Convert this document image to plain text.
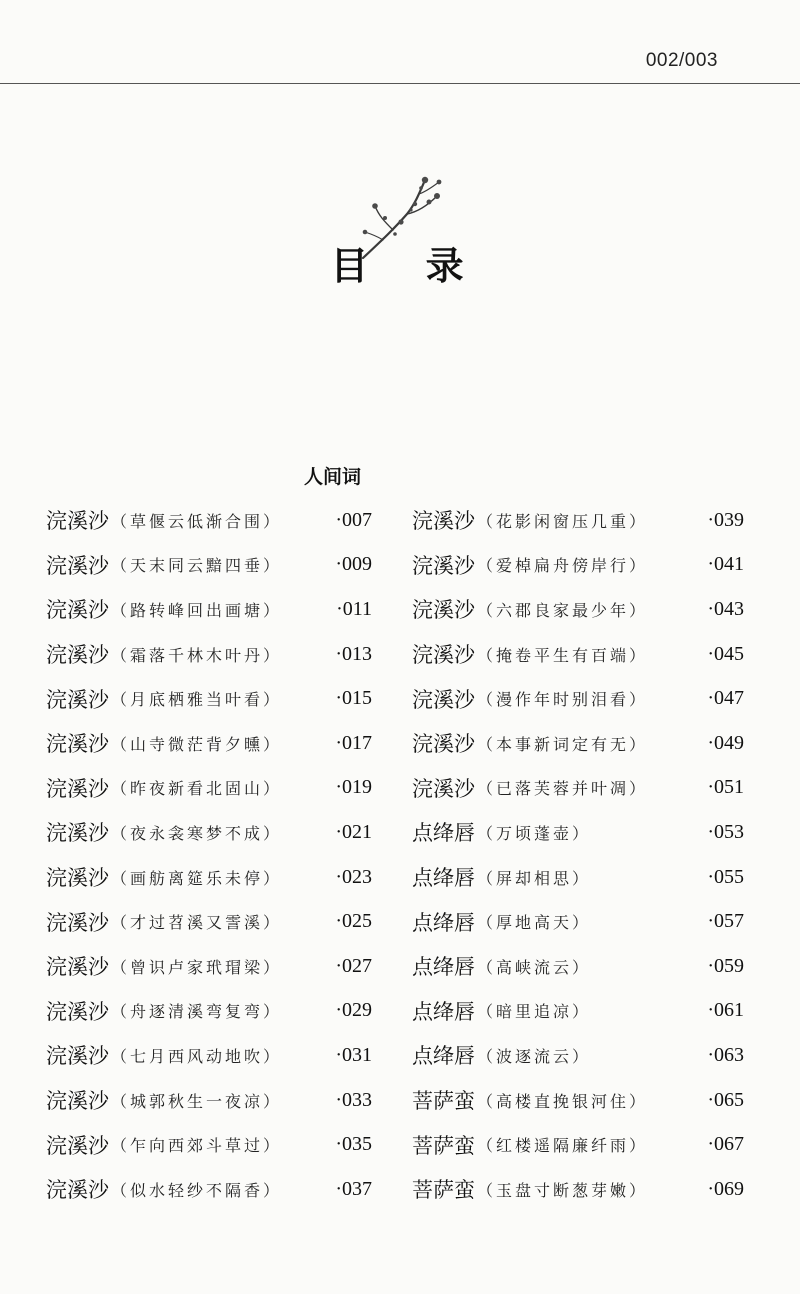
002/003
目 录
人间词
浣溪沙 （草偃云低渐合围）	·007
浣溪沙 （天末同云黯四垂）	·009
浣溪沙 （路转峰回出画塘）	·011
浣溪沙 （霜落千林木叶丹）	·013
浣溪沙 （月底栖雅当叶看）	·015
浣溪沙 （山寺微茫背夕曛）	·017
浣溪沙 （昨夜新看北固山）	·019
浣溪沙 （夜永衾寒梦不成）	·021
浣溪沙 （画舫离筵乐未停）	·023
浣溪沙 （才过苕溪又霅溪）	·025
浣溪沙 （曾识卢家玳瑁梁）	·027
浣溪沙 （舟逐清溪弯复弯）	·029
浣溪沙 （七月西风动地吹）	·031
浣溪沙 （城郭秋生一夜凉）	·033
浣溪沙 （乍向西郊斗草过）	·035
浣溪沙 （似水轻纱不隔香）	·037
浣溪沙 （花影闲窗压几重）	·039
浣溪沙 （爱棹扁舟傍岸行）	·041
浣溪沙 （六郡良家最少年）	·043
浣溪沙 （掩卷平生有百端）	·045
浣溪沙 （漫作年时别泪看）	·047
浣溪沙 （本事新词定有无）	·049
浣溪沙 （已落芙蓉并叶凋）	·051
点绛唇 （万顷蓬壶）	·053
点绛唇 （屏却相思）	·055
点绛唇 （厚地高天）	·057
点绛唇 （高峡流云）	·059
点绛唇 （暗里追凉）	·061
点绛唇 （波逐流云）	·063
菩萨蛮 （高楼直挽银河住）	·065
菩萨蛮 （红楼遥隔廉纤雨）	·067
菩萨蛮 （玉盘寸断葱芽嫩）	·069
